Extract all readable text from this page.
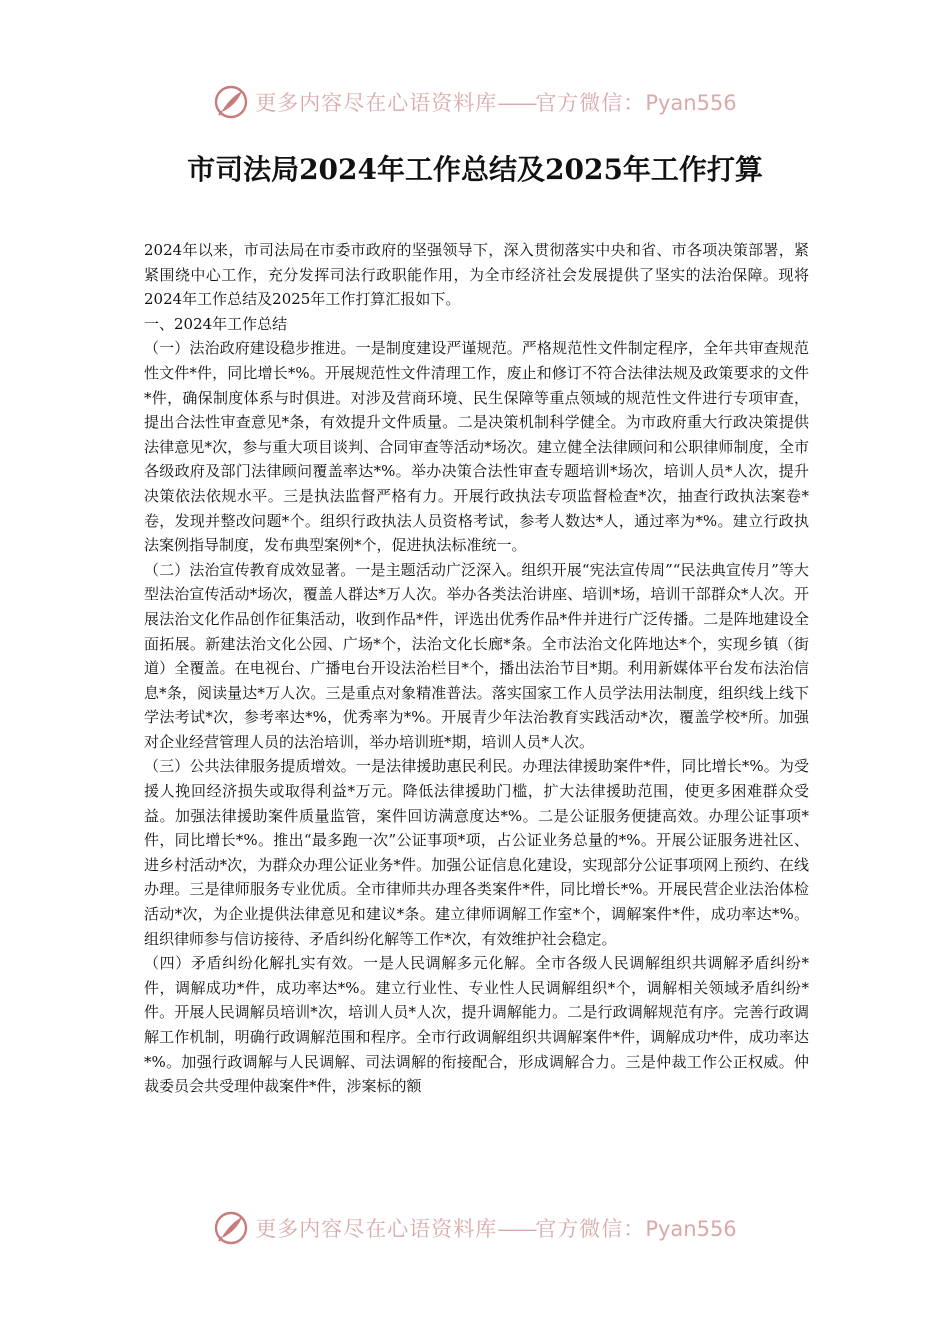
更多内容尽在心语资料库——官方微信：Pyan556
市司法局2024年工作总结及2025年工作打算

2024年以来，市司法局在市委市政府的坚强领导下，深入贯彻落实中央和省、市各项决策部署，紧紧围绕中心工作，充分发挥司法行政职能作用，为全市经济社会发展提供了坚实的法治保障。现将2024年工作总结及2025年工作打算汇报如下。

一、2024年工作总结

（一）法治政府建设稳步推进。一是制度建设严谨规范。严格规范性文件制定程序，全年共审查规范性文件*件，同比增长*%。开展规范性文件清理工作，废止和修订不符合法律法规及政策要求的文件*件，确保制度体系与时俱进。对涉及营商环境、民生保障等重点领域的规范性文件进行专项审查，提出合法性审查意见*条，有效提升文件质量。二是决策机制科学健全。为市政府重大行政决策提供法律意见*次，参与重大项目谈判、合同审查等活动*场次。建立健全法律顾问和公职律师制度，全市各级政府及部门法律顾问覆盖率达*%。举办决策合法性审查专题培训*场次，培训人员*人次，提升决策依法依规水平。三是执法监督严格有力。开展行政执法专项监督检查*次，抽查行政执法案卷*卷，发现并整改问题*个。组织行政执法人员资格考试，参考人数达*人，通过率为*%。建立行政执法案例指导制度，发布典型案例*个，促进执法标准统一。

（二）法治宣传教育成效显著。一是主题活动广泛深入。组织开展“宪法宣传周”“民法典宣传月”等大型法治宣传活动*场次，覆盖人群达*万人次。举办各类法治讲座、培训*场，培训干部群众*人次。开展法治文化作品创作征集活动，收到作品*件，评选出优秀作品*件并进行广泛传播。二是阵地建设全面拓展。新建法治文化公园、广场*个，法治文化长廊*条。全市法治文化阵地达*个，实现乡镇（街道）全覆盖。在电视台、广播电台开设法治栏目*个，播出法治节目*期。利用新媒体平台发布法治信息*条，阅读量达*万人次。三是重点对象精准普法。落实国家工作人员学法用法制度，组织线上线下学法考试*次，参考率达*%，优秀率为*%。开展青少年法治教育实践活动*次，覆盖学校*所。加强对企业经营管理人员的法治培训，举办培训班*期，培训人员*人次。

（三）公共法律服务提质增效。一是法律援助惠民利民。办理法律援助案件*件，同比增长*%。为受援人挽回经济损失或取得利益*万元。降低法律援助门槛，扩大法律援助范围，使更多困难群众受益。加强法律援助案件质量监管，案件回访满意度达*%。二是公证服务便捷高效。办理公证事项*件，同比增长*%。推出“最多跑一次”公证事项*项，占公证业务总量的*%。开展公证服务进社区、进乡村活动*次，为群众办理公证业务*件。加强公证信息化建设，实现部分公证事项网上预约、在线办理。三是律师服务专业优质。全市律师共办理各类案件*件，同比增长*%。开展民营企业法治体检活动*次，为企业提供法律意见和建议*条。建立律师调解工作室*个，调解案件*件，成功率达*%。组织律师参与信访接待、矛盾纠纷化解等工作*次，有效维护社会稳定。

（四）矛盾纠纷化解扎实有效。一是人民调解多元化解。全市各级人民调解组织共调解矛盾纠纷*件，调解成功*件，成功率达*%。建立行业性、专业性人民调解组织*个，调解相关领域矛盾纠纷*件。开展人民调解员培训*次，培训人员*人次，提升调解能力。二是行政调解规范有序。完善行政调解工作机制，明确行政调解范围和程序。全市行政调解组织共调解案件*件，调解成功*件，成功率达*%。加强行政调解与人民调解、司法调解的衔接配合，形成调解合力。三是仲裁工作公正权威。仲裁委员会共受理仲裁案件*件，涉案标的额

更多内容尽在心语资料库——官方微信：Pyan556
